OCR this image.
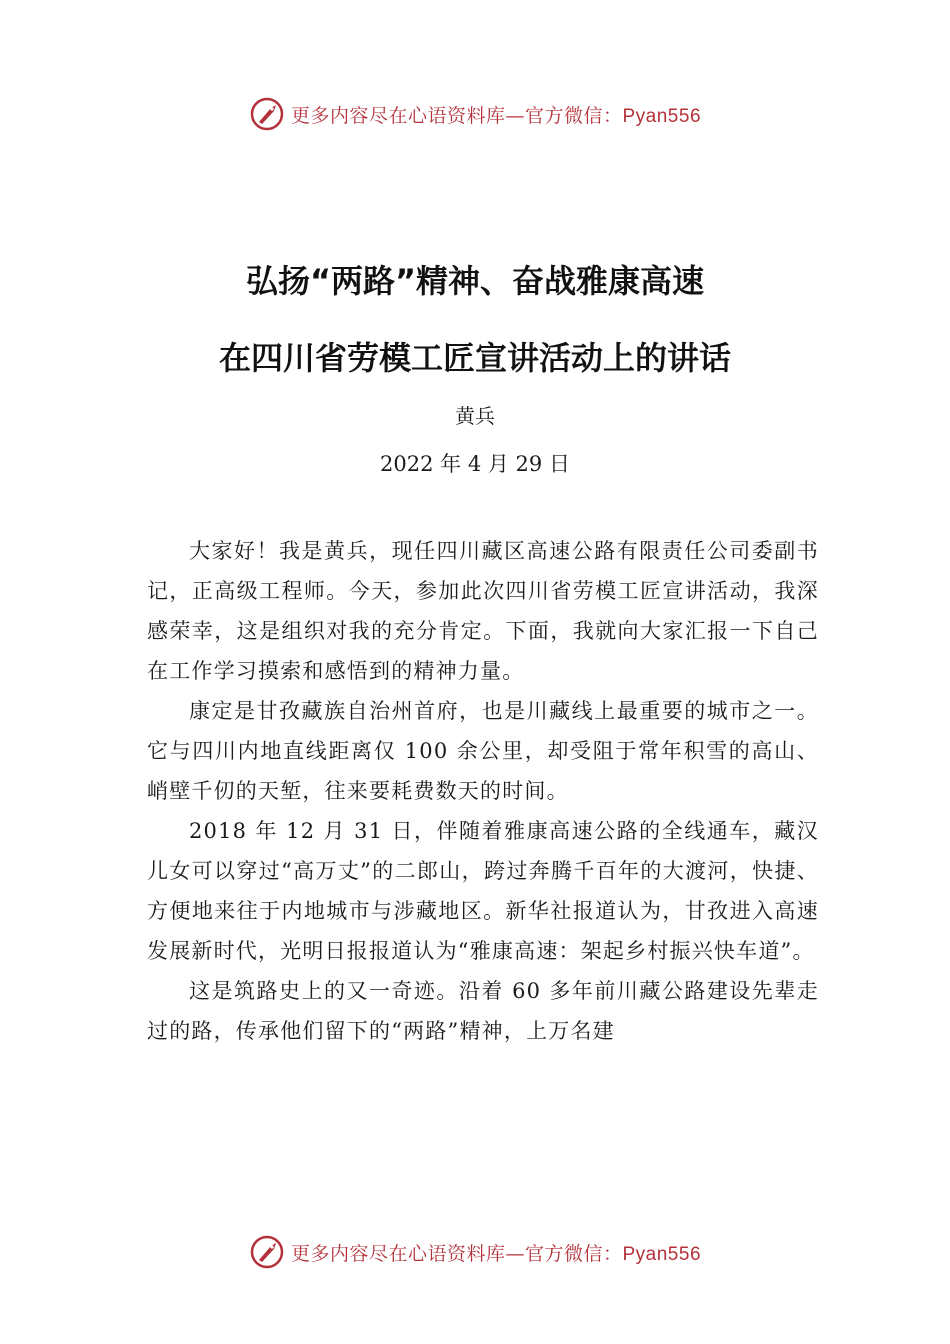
更多内容尽在心语资料库—官方微信：Pyan556
弘扬“两路”精神、奋战雅康高速
在四川省劳模工匠宣讲活动上的讲话
黄兵
2022 年 4 月 29 日

大家好！我是黄兵，现任四川藏区高速公路有限责任公司委副书记，正高级工程师。今天，参加此次四川省劳模工匠宣讲活动，我深感荣幸，这是组织对我的充分肯定。下面，我就向大家汇报一下自己在工作学习摸索和感悟到的精神力量。

康定是甘孜藏族自治州首府，也是川藏线上最重要的城市之一。它与四川内地直线距离仅 100 余公里，却受阻于常年积雪的高山、峭壁千仞的天堑，往来要耗费数天的时间。

2018 年 12 月 31 日，伴随着雅康高速公路的全线通车，藏汉儿女可以穿过“高万丈”的二郎山，跨过奔腾千百年的大渡河，快捷、方便地来往于内地城市与涉藏地区。新华社报道认为，甘孜进入高速发展新时代，光明日报报道认为“雅康高速：架起乡村振兴快车道”。

这是筑路史上的又一奇迹。沿着 60 多年前川藏公路建设先辈走过的路，传承他们留下的“两路”精神，上万名建

更多内容尽在心语资料库—官方微信：Pyan556
